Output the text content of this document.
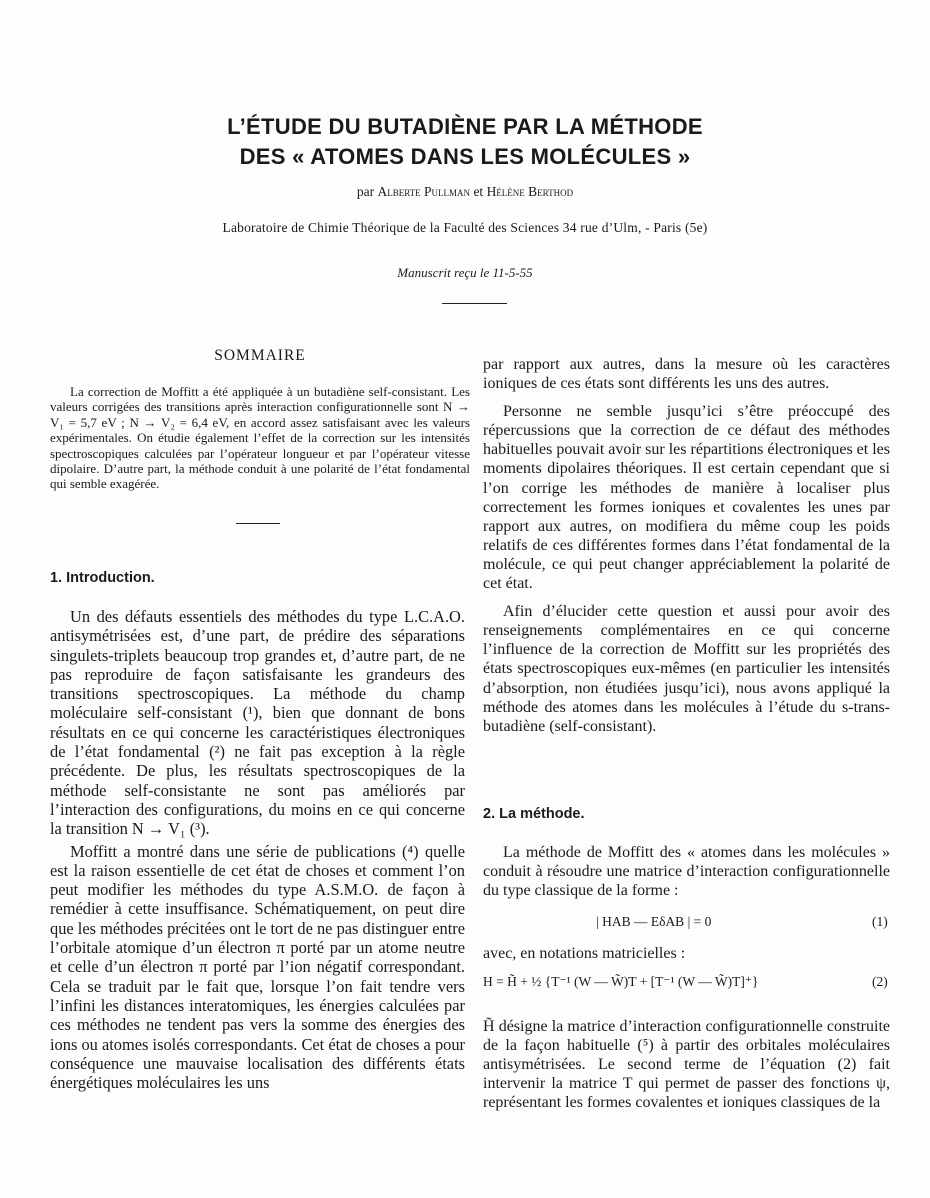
L’ÉTUDE DU BUTADIÈNE PAR LA MÉTHODE
DES « ATOMES DANS LES MOLÉCULES »
par Alberte Pullman et Hélène Berthod
Laboratoire de Chimie Théorique de la Faculté des Sciences 34 rue d’Ulm, - Paris (5e)
Manuscrit reçu le 11-5-55
SOMMAIRE

La correction de Moffitt a été appliquée à un butadiène self-consistant. Les valeurs corrigées des transitions après interaction configurationnelle sont N → V₁ = 5,7 eV ; N → V₂ = 6,4 eV, en accord assez satisfaisant avec les valeurs expérimentales. On étudie également l’effet de la correction sur les intensités spectroscopiques calculées par l’opérateur longueur et par l’opérateur vitesse dipolaire. D’autre part, la méthode conduit à une polarité de l’état fondamental qui semble exagérée.

1. Introduction.

Un des défauts essentiels des méthodes du type L.C.A.O. antisymétrisées est, d’une part, de prédire des séparations singulets-triplets beaucoup trop grandes et, d’autre part, de ne pas reproduire de façon satisfaisante les grandeurs des transitions spectroscopiques. La méthode du champ moléculaire self-consistant (¹), bien que donnant de bons résultats en ce qui concerne les caractéristiques électroniques de l’état fondamental (²) ne fait pas exception à la règle précédente. De plus, les résultats spectroscopiques de la méthode self-consistante ne sont pas améliorés par l’interaction des configurations, du moins en ce qui concerne la transition N → V₁ (³).

Moffitt a montré dans une série de publications (⁴) quelle est la raison essentielle de cet état de choses et comment l’on peut modifier les méthodes du type A.S.M.O. de façon à remédier à cette insuffisance. Schématiquement, on peut dire que les méthodes précitées ont le tort de ne pas distinguer entre l’orbitale atomique d’un électron π porté par un atome neutre et celle d’un électron π porté par l’ion négatif correspondant. Cela se traduit par le fait que, lorsque l’on fait tendre vers l’infini les distances interatomiques, les énergies calculées par ces méthodes ne tendent pas vers la somme des énergies des ions ou atomes isolés correspondants. Cet état de choses a pour conséquence une mauvaise localisation des différents états énergétiques moléculaires les uns

par rapport aux autres, dans la mesure où les caractères ioniques de ces états sont différents les uns des autres.

Personne ne semble jusqu’ici s’être préoccupé des répercussions que la correction de ce défaut des méthodes habituelles pouvait avoir sur les répartitions électroniques et les moments dipolaires théoriques. Il est certain cependant que si l’on corrige les méthodes de manière à localiser plus correctement les formes ioniques et covalentes les unes par rapport aux autres, on modifiera du même coup les poids relatifs de ces différentes formes dans l’état fondamental de la molécule, ce qui peut changer appréciablement la polarité de cet état.

Afin d’élucider cette question et aussi pour avoir des renseignements complémentaires en ce qui concerne l’influence de la correction de Moffitt sur les propriétés des états spectroscopiques eux-mêmes (en particulier les intensités d’absorption, non étudiées jusqu’ici), nous avons appliqué la méthode des atomes dans les molécules à l’étude du s-trans-butadiène (self-consistant).

2. La méthode.

La méthode de Moffitt des « atomes dans les molécules » conduit à résoudre une matrice d’interaction configurationnelle du type classique de la forme :

| HAB — EδAB | = 0	(1)

avec, en notations matricielles :

H = H̃ + ½ {T⁻¹ (W — W̃)T + [T⁻¹ (W — W̃)T]⁺}	(2)

H̃ désigne la matrice d’interaction configurationnelle construite de la façon habituelle (⁵) à partir des orbitales moléculaires antisymétrisées. Le second terme de l’équation (2) fait intervenir la matrice T qui permet de passer des fonctions ψ, représentant les formes covalentes et ioniques classiques de la
